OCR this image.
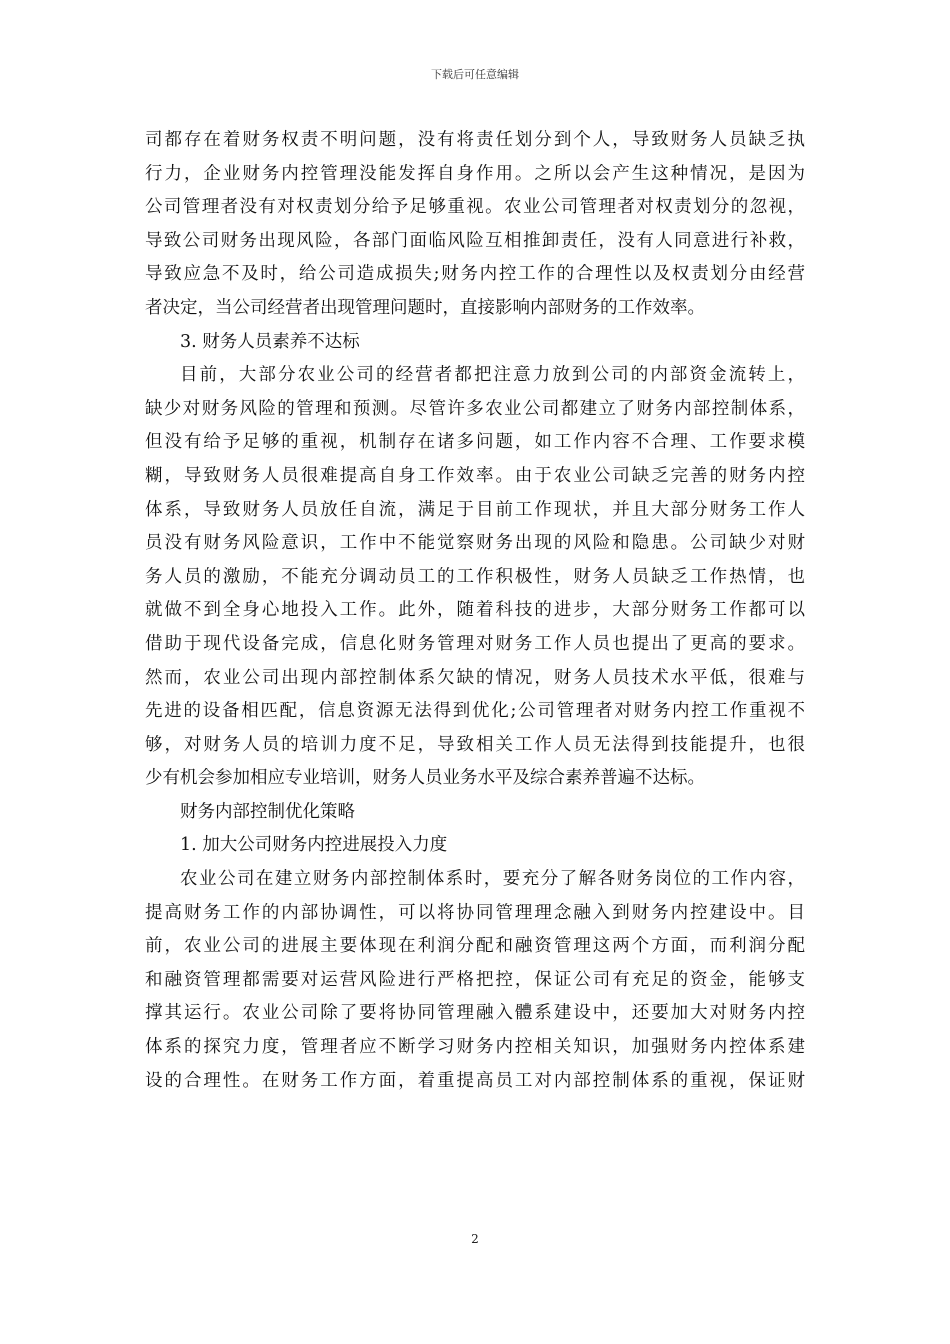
下载后可任意编辑
司都存在着财务权责不明问题，没有将责任划分到个人，导致财务人员缺乏执
行力，企业财务内控管理没能发挥自身作用。之所以会产生这种情况，是因为
公司管理者没有对权责划分给予足够重视。农业公司管理者对权责划分的忽视，
导致公司财务出现风险，各部门面临风险互相推卸责任，没有人同意进行补救，
导致应急不及时，给公司造成损失;财务内控工作的合理性以及权责划分由经营
者决定，当公司经营者出现管理问题时，直接影响内部财务的工作效率。
3. 财务人员素养不达标
目前，大部分农业公司的经营者都把注意力放到公司的内部资金流转上，
缺少对财务风险的管理和预测。尽管许多农业公司都建立了财务内部控制体系，
但没有给予足够的重视，机制存在诸多问题，如工作内容不合理、工作要求模
糊，导致财务人员很难提高自身工作效率。由于农业公司缺乏完善的财务内控
体系，导致财务人员放任自流，满足于目前工作现状，并且大部分财务工作人
员没有财务风险意识，工作中不能觉察财务出现的风险和隐患。公司缺少对财
务人员的激励，不能充分调动员工的工作积极性，财务人员缺乏工作热情，也
就做不到全身心地投入工作。此外，随着科技的进步，大部分财务工作都可以
借助于现代设备完成，信息化财务管理对财务工作人员也提出了更高的要求。
然而，农业公司出现内部控制体系欠缺的情况，财务人员技术水平低，很难与
先进的设备相匹配，信息资源无法得到优化;公司管理者对财务内控工作重视不
够，对财务人员的培训力度不足，导致相关工作人员无法得到技能提升，也很
少有机会参加相应专业培训，财务人员业务水平及综合素养普遍不达标。
财务内部控制优化策略
1. 加大公司财务内控进展投入力度
农业公司在建立财务内部控制体系时，要充分了解各财务岗位的工作内容，
提高财务工作的内部协调性，可以将协同管理理念融入到财务内控建设中。目
前，农业公司的进展主要体现在利润分配和融资管理这两个方面，而利润分配
和融资管理都需要对运营风险进行严格把控，保证公司有充足的资金，能够支
撑其运行。农业公司除了要将协同管理融入體系建设中，还要加大对财务内控
体系的探究力度，管理者应不断学习财务内控相关知识，加强财务内控体系建
设的合理性。在财务工作方面，着重提高员工对内部控制体系的重视，保证财
2
